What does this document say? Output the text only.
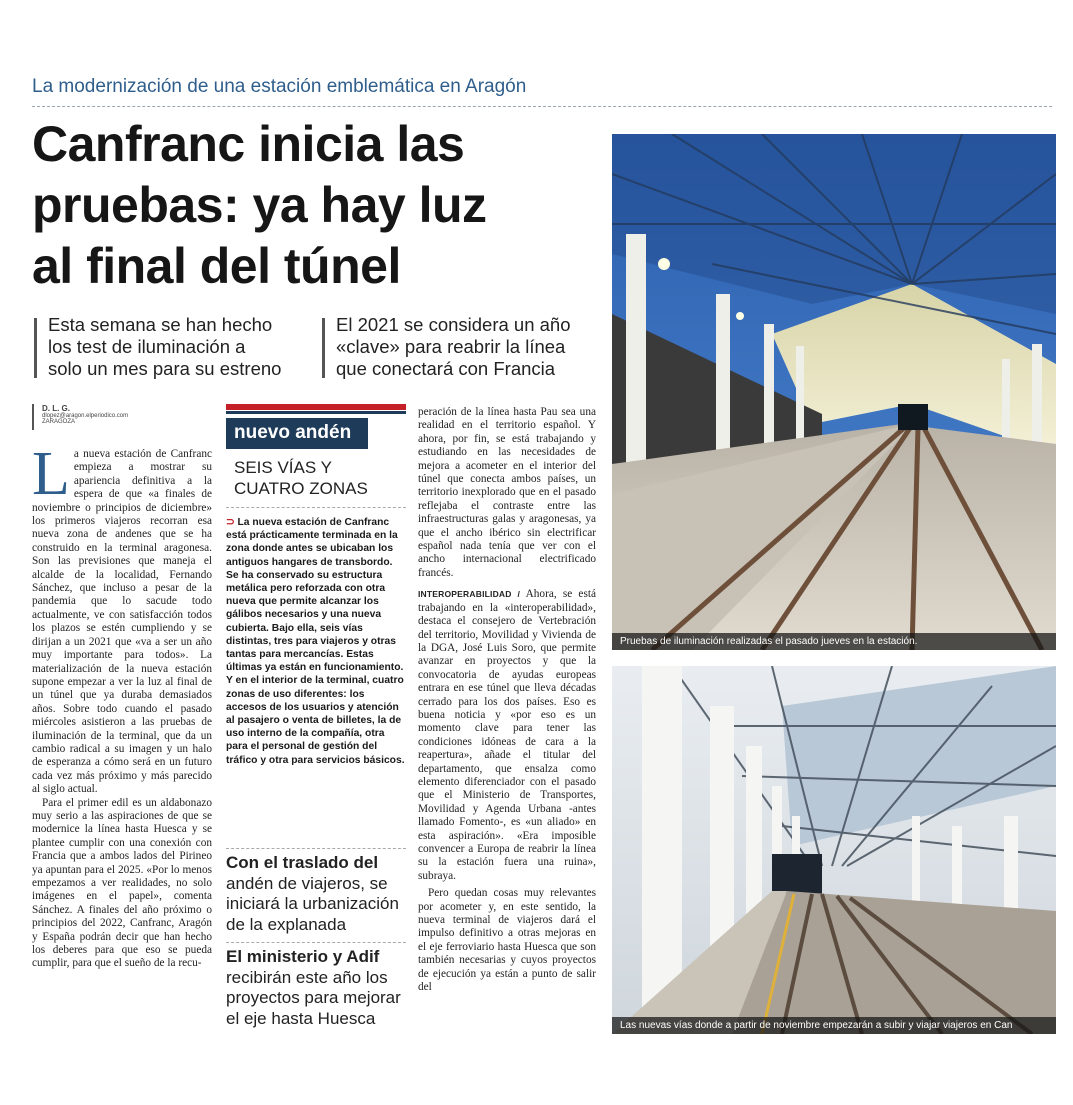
La modernización de una estación emblemática en Aragón
Canfranc inicia las
pruebas: ya hay luz
al final del túnel
Esta semana se han hecho
los test de iluminación a
solo un mes para su estreno
El 2021 se considera un año
«clave» para reabrir la línea
que conectará con Francia
D. L. G.
dlopez@aragon.elperiodico.com
ZARAGOZA
L a nueva estación de Canfranc empieza a mostrar su apariencia definitiva a la espera de que «a finales de noviembre o principios de diciembre» los primeros viajeros recorran esa nueva zona de andenes que se ha construido en la terminal aragonesa. Son las previsiones que maneja el alcalde de la localidad, Fernando Sánchez, que incluso a pesar de la pandemia que lo sacude todo actualmente, ve con satisfacción todos los plazos se estén cumpliendo y se dirijan a un 2021 que «va a ser un año muy importante para todos». La materialización de la nueva estación supone empezar a ver la luz al final de un túnel que ya duraba demasiados años. Sobre todo cuando el pasado miércoles asistieron a las pruebas de iluminación de la terminal, que da un cambio radical a su imagen y un halo de esperanza a cómo será en un futuro cada vez más próximo y más parecido al siglo actual.

Para el primer edil es un aldabonazo muy serio a las aspiraciones de que se modernice la línea hasta Huesca y se plantee cumplir con una conexión con Francia que a ambos lados del Pirineo ya apuntan para el 2025. «Por lo menos empezamos a ver realidades, no solo imágenes en el papel», comenta Sánchez. A finales del año próximo o principios del 2022, Canfranc, Aragón y España podrán decir que han hecho los deberes para que eso se pueda cumplir, para que el sueño de la recu-

nuevo andén
SEIS VÍAS Y
CUATRO ZONAS
⊃ La nueva estación de Canfranc está prácticamente terminada en la zona donde antes se ubicaban los antiguos hangares de transbordo. Se ha conservado su estructura metálica pero reforzada con otra nueva que permite alcanzar los gálibos necesarios y una nueva cubierta. Bajo ella, seis vías distintas, tres para viajeros y otras tantas para mercancías. Estas últimas ya están en funcionamiento. Y en el interior de la terminal, cuatro zonas de uso diferentes: los accesos de los usuarios y atención al pasajero o venta de billetes, la de uso interno de la compañía, otra para el personal de gestión del tráfico y otra para servicios básicos.
Con el traslado del
andén de viajeros, se
iniciará la urbanización
de la explanada
El ministerio y Adif
recibirán este año los
proyectos para mejorar
el eje hasta Huesca

peración de la línea hasta Pau sea una realidad en el territorio español. Y ahora, por fin, se está trabajando y estudiando en las necesidades de mejora a acometer en el interior del túnel que conecta ambos países, un territorio inexplorado que en el pasado reflejaba el contraste entre las infraestructuras galas y aragonesas, ya que el ancho ibérico sin electrificar español nada tenía que ver con el ancho internacional electrificado francés.

INTEROPERABILIDAD / Ahora, se está trabajando en la «interoperabilidad», destaca el consejero de Vertebración del territorio, Movilidad y Vivienda de la DGA, José Luis Soro, que permite avanzar en proyectos y que la convocatoria de ayudas europeas entrara en ese túnel que lleva décadas cerrado para los dos países. Eso es buena noticia y «por eso es un momento clave para tener las condiciones idóneas de cara a la reapertura», añade el titular del departamento, que ensalza como elemento diferenciador con el pasado que el Ministerio de Transportes, Movilidad y Agenda Urbana -antes llamado Fomento-, es «un aliado» en esta aspiración». «Era imposible convencer a Europa de reabrir la línea su la estación fuera una ruina», subraya.

Pero quedan cosas muy relevantes por acometer y, en este sentido, la nueva terminal de viajeros dará el impulso definitivo a otras mejoras en el eje ferroviario hasta Huesca que son también necesarias y cuyos proyectos de ejecución ya están a punto de salir del

Pruebas de iluminación realizadas el pasado jueves en la estación.
Las nuevas vías donde a partir de noviembre empezarán a subir y viajar viajeros en Can
